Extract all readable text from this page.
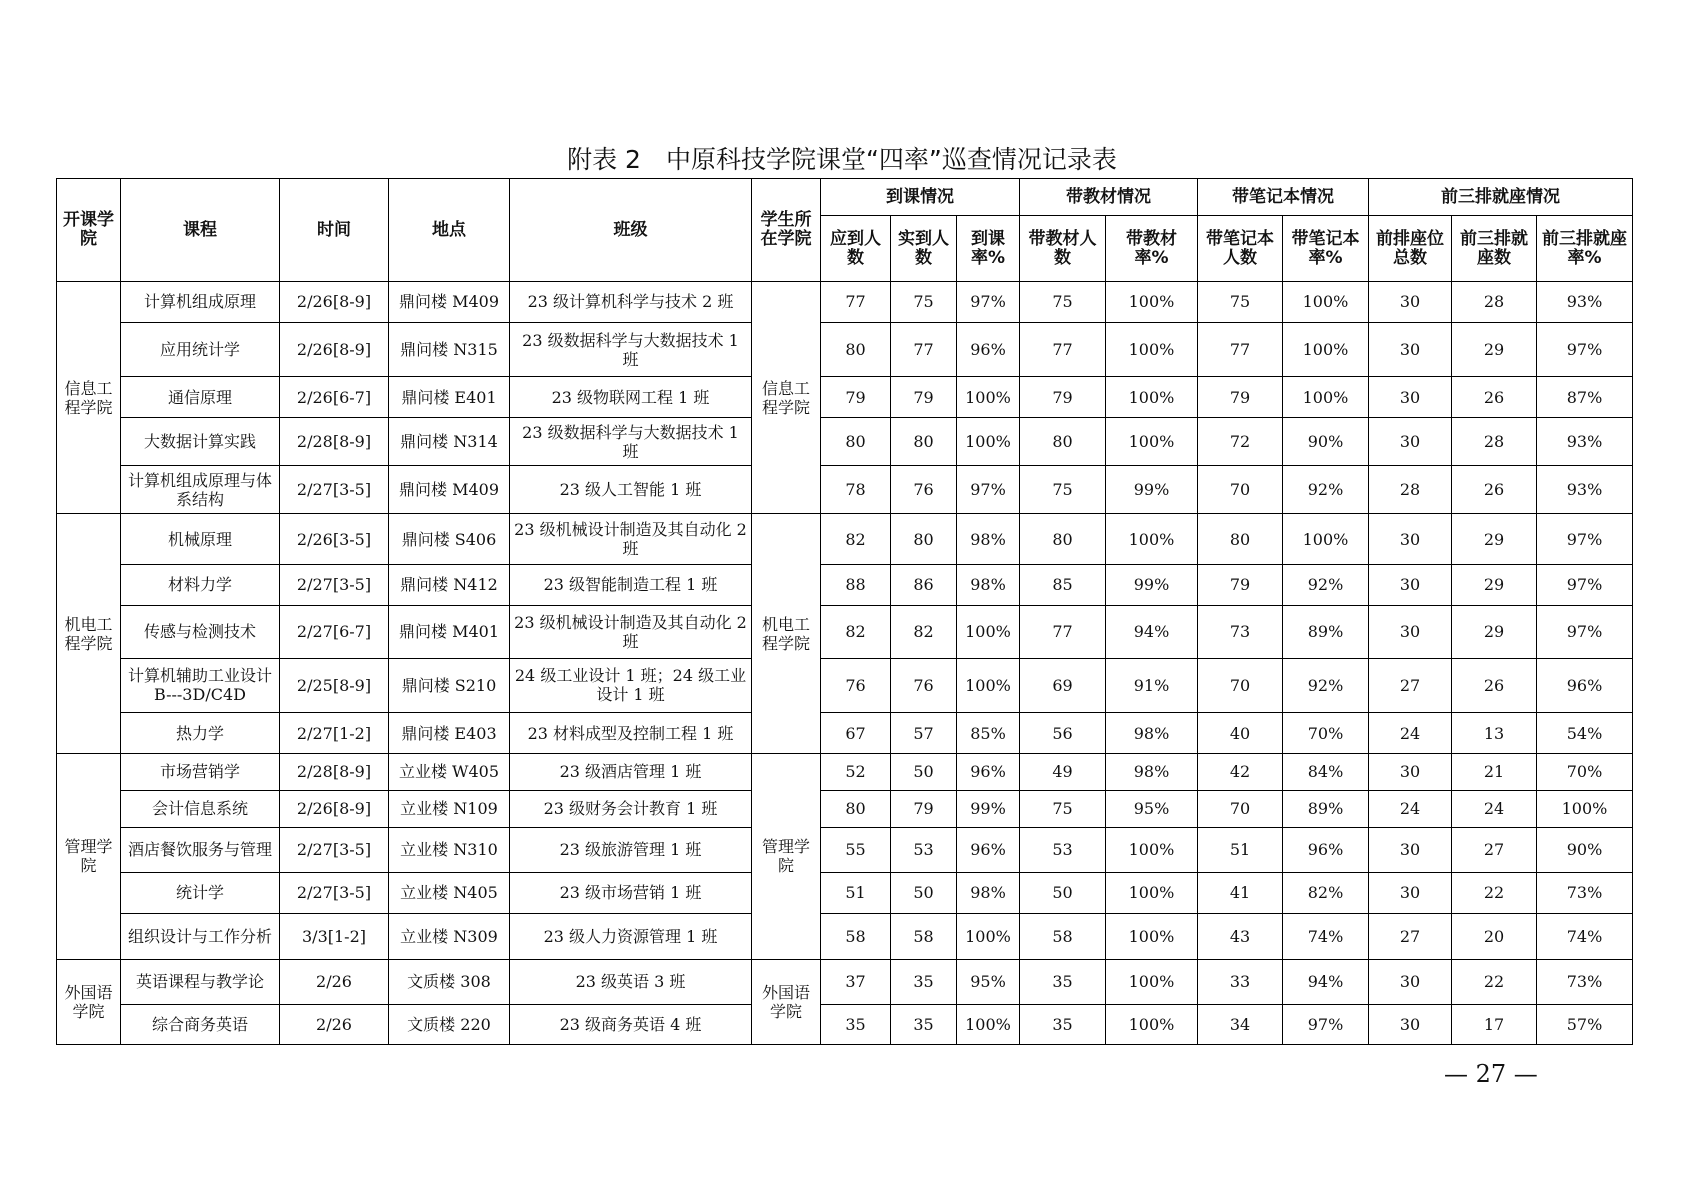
附表 2　中原科技学院课堂“四率”巡查情况记录表
开课学院	课程	时间	地点	班级	学生所在学院	到课情况			带教材情况		带笔记本情况		前三排就座情况		
						应到人数	实到人数	到课率%	带教材人数	带教材率%	带笔记本人数	带笔记本率%	前排座位总数	前三排就座数	前三排就座率%
信息工程学院	计算机组成原理	2/26[8-9]	鼎问楼 M409	23 级计算机科学与技术 2 班	信息工程学院	77	75	97%	75	100%	75	100%	30	28	93%
	应用统计学	2/26[8-9]	鼎问楼 N315	23 级数据科学与大数据技术 1 班		80	77	96%	77	100%	77	100%	30	29	97%
	通信原理	2/26[6-7]	鼎问楼 E401	23 级物联网工程 1 班		79	79	100%	79	100%	79	100%	30	26	87%
	大数据计算实践	2/28[8-9]	鼎问楼 N314	23 级数据科学与大数据技术 1 班		80	80	100%	80	100%	72	90%	30	28	93%
	计算机组成原理与体系结构	2/27[3-5]	鼎问楼 M409	23 级人工智能 1 班		78	76	97%	75	99%	70	92%	28	26	93%
机电工程学院	机械原理	2/26[3-5]	鼎问楼 S406	23 级机械设计制造及其自动化 2 班	机电工程学院	82	80	98%	80	100%	80	100%	30	29	97%
	材料力学	2/27[3-5]	鼎问楼 N412	23 级智能制造工程 1 班		88	86	98%	85	99%	79	92%	30	29	97%
	传感与检测技术	2/27[6-7]	鼎问楼 M401	23 级机械设计制造及其自动化 2 班		82	82	100%	77	94%	73	89%	30	29	97%
	计算机辅助工业设计 B---3D/C4D	2/25[8-9]	鼎问楼 S210	24 级工业设计 1 班；24 级工业设计 1 班		76	76	100%	69	91%	70	92%	27	26	96%
	热力学	2/27[1-2]	鼎问楼 E403	23 材料成型及控制工程 1 班		67	57	85%	56	98%	40	70%	24	13	54%
管理学院	市场营销学	2/28[8-9]	立业楼 W405	23 级酒店管理 1 班	管理学院	52	50	96%	49	98%	42	84%	30	21	70%
	会计信息系统	2/26[8-9]	立业楼 N109	23 级财务会计教育 1 班		80	79	99%	75	95%	70	89%	24	24	100%
	酒店餐饮服务与管理	2/27[3-5]	立业楼 N310	23 级旅游管理 1 班		55	53	96%	53	100%	51	96%	30	27	90%
	统计学	2/27[3-5]	立业楼 N405	23 级市场营销 1 班		51	50	98%	50	100%	41	82%	30	22	73%
	组织设计与工作分析	3/3[1-2]	立业楼 N309	23 级人力资源管理 1 班		58	58	100%	58	100%	43	74%	27	20	74%
外国语学院	英语课程与教学论	2/26	文质楼 308	23 级英语 3 班	外国语学院	37	35	95%	35	100%	33	94%	30	22	73%
	综合商务英语	2/26	文质楼 220	23 级商务英语 4 班		35	35	100%	35	100%	34	97%	30	17	57%
— 27 —
